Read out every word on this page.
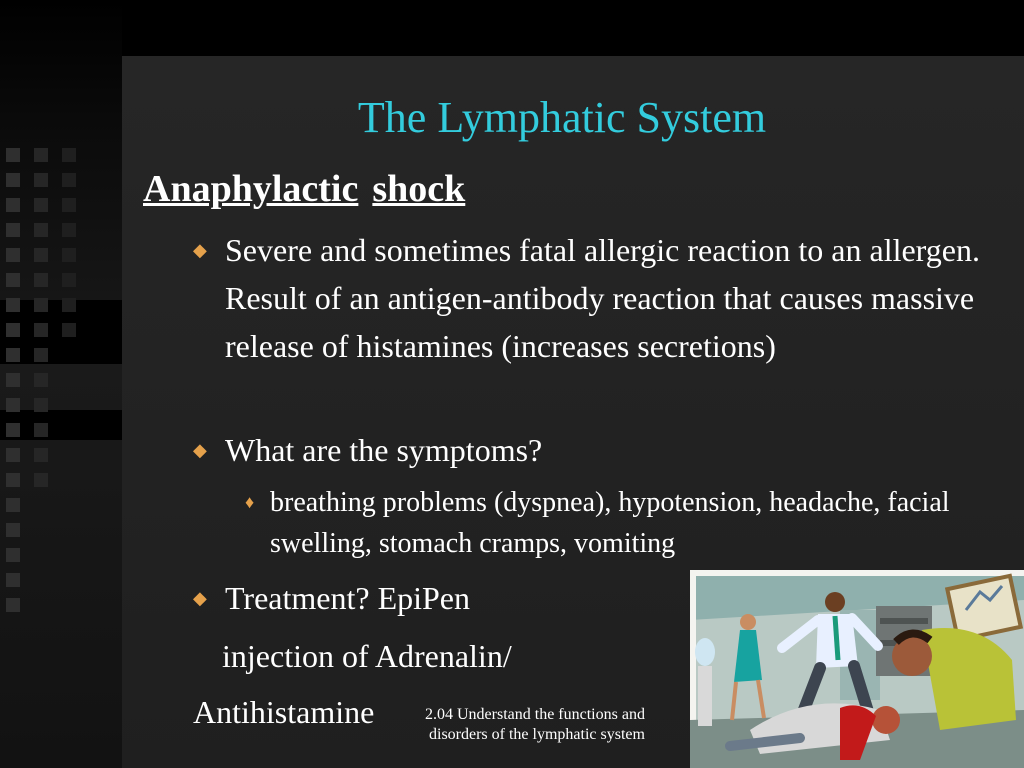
The Lymphatic System
Anaphylactic shock
◆ Severe and sometimes fatal allergic reaction to an allergen. Result of an antigen-antibody reaction that causes massive release of histamines (increases secretions)
◆ What are the symptoms?
♦ breathing problems (dyspnea), hypotension, headache, facial swelling, stomach cramps, vomiting
◆ Treatment? EpiPen
injection of Adrenalin/
Antihistamine	2.04 Understand the functions and
disorders of the lymphatic system
